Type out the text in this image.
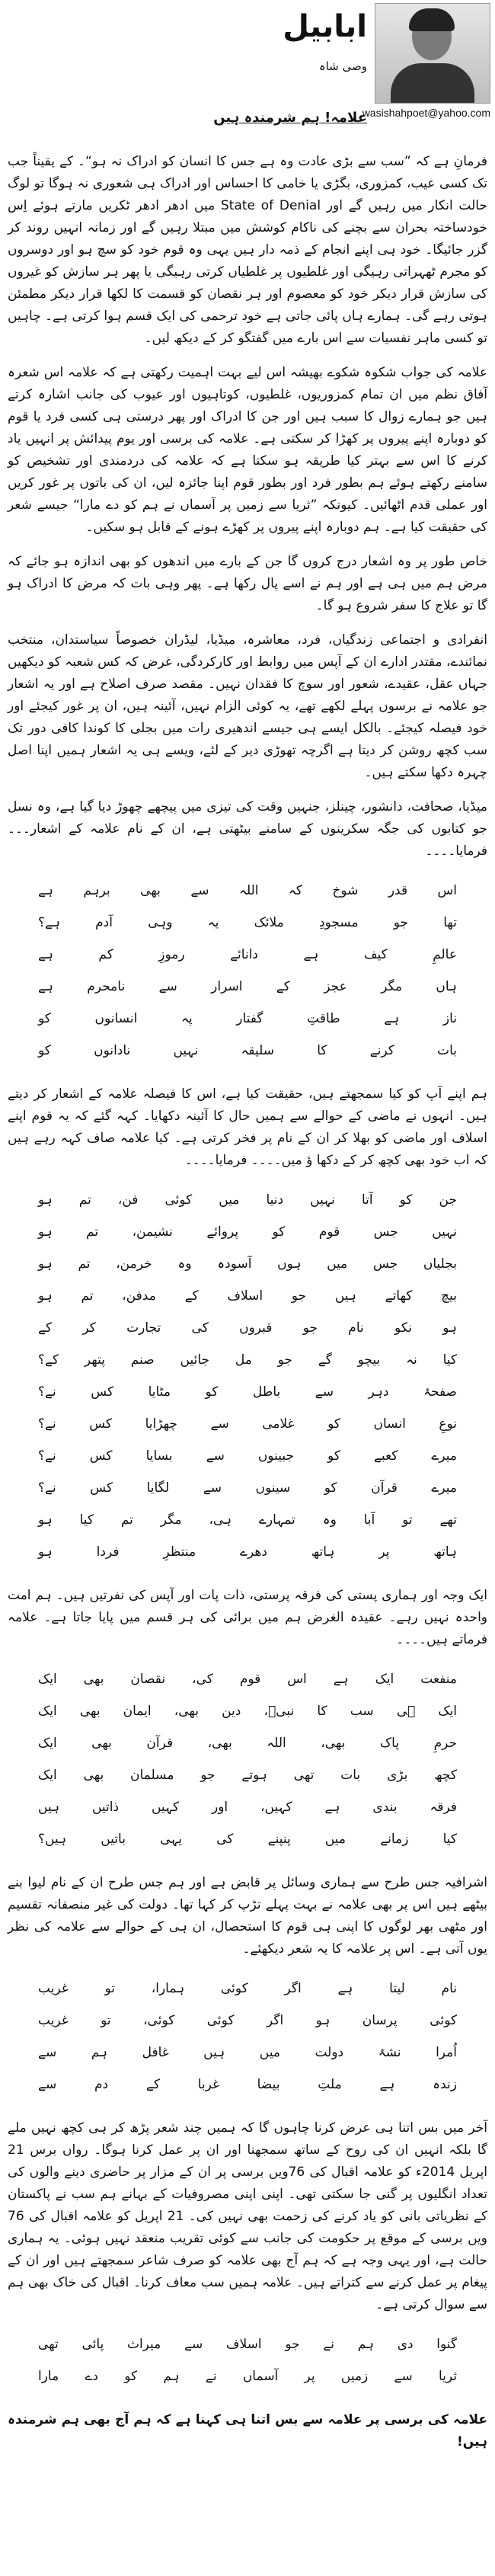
ابابیل
وصی شاہ
علامہ! ہم شرمندہ ہیں
wasishahpoet@yahoo.com

فرمانِ ہے کہ ”سب سے بڑی عادت وہ ہے جس کا انسان کو ادراک نہ ہو“۔ کے یقیناً جب تک کسی عیب، کمزوری، بگڑی یا خامی کا احساس اور ادراک ہی شعوری نہ ہوگا تو لوگ حالت انکار میں رہیں گے اور State of Denial میں ادھر ادھر ٹکریں مارتے ہوئے اِس خودساختہ بحران سے بچنے کی ناکام کوشش میں مبتلا رہیں گے اور زمانہ انہیں روند کر گزر جائیگا۔ خود ہی اپنے انجام کے ذمہ دار ہیں یہی وہ قوم خود کو سچ ہو اور دوسروں کو مجرم ٹھہراتی رہیگی اور غلطیوں پر غلطیاں کرتی رہیگی یا پھر ہر سازش کو غیروں کی سازش قرار دیکر خود کو معصوم اور ہر نقصان کو قسمت کا لکھا قرار دیکر مطمئن ہوتی رہے گی۔ ہمارے ہاں پائی جاتی ہے خود ترحمی کی ایک قسم ہوا کرتی ہے۔ چاہیں تو کسی ماہر نفسیات سے اس بارے میں گفتگو کر کے دیکھ لیں۔

علامہ کی جواب شکوہ شکوے بھیشہ اس لیے بہت اہمیت رکھتی ہے کہ علامہ اس شعرہ آفاق نظم میں ان تمام کمزوریوں، غلطیوں، کوتاہیوں اور عیوب کی جانب اشارہ کرتے ہیں جو ہمارے زوال کا سبب ہیں اور جن کا ادراک اور پھر درستی ہی کسی فرد یا قوم کو دوبارہ اپنے پیروں پر کھڑا کر سکتی ہے۔ علامہ کی برسی اور یوم پیدائش پر انہیں یاد کرنے کا اس سے بہتر کیا طریقہ ہو سکتا ہے کہ علامہ کی دردمندی اور تشخیص کو سامنے رکھتے ہوئے ہم بطور فرد اور بطور قوم اپنا جائزہ لیں، ان کی باتوں پر غور کریں اور عملی قدم اٹھائیں۔ کیونکہ ”ثریا سے زمیں پر آسماں نے ہم کو دے مارا“ جیسے شعر کی حقیقت کیا ہے۔ ہم دوبارہ اپنے پیروں پر کھڑے ہونے کے قابل ہو سکیں۔

خاص طور پر وہ اشعار درج کروں گا جن کے بارے میں اندھوں کو بھی اندازہ ہو جائے کہ مرض ہم میں ہی ہے اور ہم نے اسے پال رکھا ہے۔ پھر وہی بات کہ مرض کا ادراک ہو گا تو علاج کا سفر شروع ہو گا۔

انفرادی و اجتماعی زندگیاں، فرد، معاشرہ، میڈیا، لیڈران خصوصاً سیاستدان، منتخب نمائندے، مقتدر ادارے ان کے آپس میں روابط اور کارکردگی، غرض کہ کس شعبہ کو دیکھیں جہاں عقل، عقیدے، شعور اور سوچ کا فقدان نہیں۔ مقصد صرف اصلاح ہے اور یہ اشعار جو علامہ نے برسوں پہلے لکھے تھے، یہ کوئی الزام نہیں، آئینہ ہیں، ان پر غور کیجئے اور خود فیصلہ کیجئے۔ بالکل ایسے ہی جیسے اندھیری رات میں بجلی کا کوندا کافی دور تک سب کچھ روشن کر دیتا ہے اگرچہ تھوڑی دیر کے لئے، ویسے ہی یہ اشعار ہمیں اپنا اصل چہرہ دکھا سکتے ہیں۔

میڈیا، صحافت، دانشور، چینلز، جنہیں وقت کی تیزی میں پیچھے چھوڑ دیا گیا ہے، وہ نسل جو کتابوں کی جگہ سکرینوں کے سامنے بیٹھتی ہے، ان کے نام علامہ کے اشعار۔۔۔ فرمایا۔۔۔۔

اس قدر شوخ کہ اللہ سے بھی برہم ہے
تھا جو مسجودِ ملائک یہ وہی آدم ہے؟
عالمِ کیف ہے دانائے رموزِ کم ہے
ہاں مگر عجز کے اسرار سے نامحرم ہے
ناز ہے طاقتِ گفتار پہ انسانوں کو
بات کرنے کا سلیقہ نہیں نادانوں کو

ہم اپنے آپ کو کیا سمجھتے ہیں، حقیقت کیا ہے، اس کا فیصلہ علامہ کے اشعار کر دیتے ہیں۔ انہوں نے ماضی کے حوالے سے ہمیں حال کا آئینہ دکھایا۔ کہہ گئے کہ یہ قوم اپنے اسلاف اور ماضی کو بھلا کر ان کے نام پر فخر کرتی ہے۔ کیا علامہ صاف کہہ رہے ہیں کہ اب خود بھی کچھ کر کے دکھا ؤ میں۔۔۔۔ فرمایا۔۔۔۔

جن کو آتا نہیں دنیا میں کوئی فن، تم ہو
نہیں جس قوم کو پروائے نشیمن، تم ہو
بجلیاں جس میں ہوں آسودہ وہ خرمن، تم ہو
بیچ کھاتے ہیں جو اسلاف کے مدفن، تم ہو
ہو نکو نام جو قبروں کی تجارت کر کے
کیا نہ بیچو گے جو مل جائیں صنم پتھر کے؟
صفحۂ دہر سے باطل کو مٹایا کس نے؟
نوعِ انساں کو غلامی سے چھڑایا کس نے؟
میرے کعبے کو جبینوں سے بسایا کس نے؟
میرے قرآن کو سینوں سے لگایا کس نے؟
تھے تو آبا وہ تمہارے ہی، مگر تم کیا ہو
ہاتھ پر ہاتھ دھرے منتظرِ فردا ہو

ایک وجہ اور ہماری پستی کی فرقہ پرستی، ذات پات اور آپس کی نفرتیں ہیں۔ ہم امت واحدہ نہیں رہے۔ عقیدہ الغرض ہم میں برائی کی ہر قسم میں پایا جاتا ہے۔ علامہ فرماتے ہیں۔۔۔۔

منفعت ایک ہے اس قوم کی، نقصان بھی ایک
ایک ہی سب کا نبیؐ، دین بھی، ایمان بھی ایک
حرمِ پاک بھی، اللہ بھی، قرآن بھی ایک
کچھ بڑی بات تھی ہوتے جو مسلمان بھی ایک
فرقہ بندی ہے کہیں، اور کہیں ذاتیں ہیں
کیا زمانے میں پنپنے کی یہی باتیں ہیں؟

اشرافیہ جس طرح سے ہماری وسائل پر قابض ہے اور ہم جس طرح ان کے نام لیوا بنے بیٹھے ہیں اس پر بھی علامہ نے بہت پہلے تڑپ کر کہا تھا۔ دولت کی غیر منصفانہ تقسیم اور مٹھی بھر لوگوں کا اپنی ہی قوم کا استحصال، ان ہی کے حوالے سے علامہ کی نظر یوں آتی ہے۔ اس پر علامہ کا یہ شعر دیکھئے۔

نام لیتا ہے اگر کوئی ہمارا، تو غریب
کوئی پرسان ہو اگر کوئی کوئی، تو غریب
اُمرا نشۂ دولت میں ہیں غافل ہم سے
زندہ ہے ملتِ بیضا غربا کے دم سے

آخر میں بس اتنا ہی عرض کرنا چاہوں گا کہ ہمیں چند شعر پڑھ کر ہی کچھ نہیں ملے گا بلکہ انہیں ان کی روح کے ساتھ سمجھنا اور ان پر عمل کرنا ہوگا۔ رواں برس 21 اپریل 2014ء کو علامہ اقبال کی 76ویں برسی پر ان کے مزار پر حاضری دینے والوں کی تعداد انگلیوں پر گنی جا سکتی تھی۔ اپنی اپنی مصروفیات کے بہانے ہم سب نے پاکستان کے نظریاتی بانی کو یاد کرنے کی زحمت بھی نہیں کی۔ 21 اپریل کو علامہ اقبال کی 76 ویں برسی کے موقع پر حکومت کی جانب سے کوئی تقریب منعقد نہیں ہوئی۔ یہ ہماری حالت ہے، اور یہی وجہ ہے کہ ہم آج بھی علامہ کو صرف شاعر سمجھتے ہیں اور ان کے پیغام پر عمل کرنے سے کتراتے ہیں۔ علامہ ہمیں سب معاف کرنا۔ اقبال کی خاک بھی ہم سے سوال کرتی ہے۔

گنوا دی ہم نے جو اسلاف سے میراث پائی تھی
ثریا سے زمیں پر آسماں نے ہم کو دے مارا

علامہ کی برسی پر علامہ سے بس اتنا ہی کہنا ہے کہ ہم آج بھی ہم شرمندہ ہیں!
